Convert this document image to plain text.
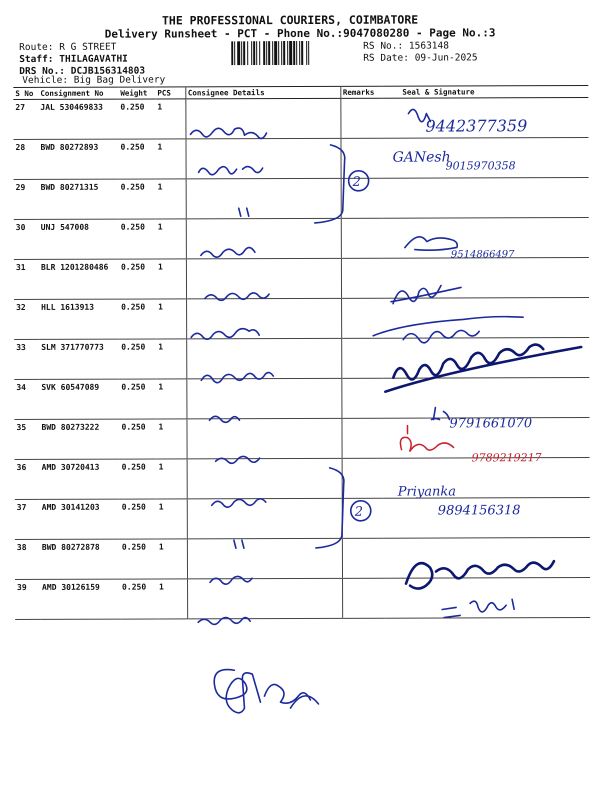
THE PROFESSIONAL COURIERS, COIMBATORE
Delivery Runsheet - PCT - Phone No.:9047080280 - Page No.:3
Route: R G STREET
Staff: THILAGAVATHI
DRS No.: DCJB156314803
Vehicle: Big Bag Delivery
RS No.: 1563148
RS Date: 09-Jun-2025
S No	Consignment No	Weight	PCS	Consignee Details	Remarks	Seal & Signature
27	JAL 530469833	0.250	1			
28	BWD 80272893	0.250	1			
29	BWD 80271315	0.250	1			
30	UNJ 547008	0.250	1			
31	BLR 1201280486	0.250	1			
32	HLL 1613913	0.250	1			
33	SLM 371770773	0.250	1			
34	SVK 60547089	0.250	1			
35	BWD 80273222	0.250	1			
36	AMD 30720413	0.250	1			
37	AMD 30141203	0.250	1			
38	BWD 80272878	0.250	1			
39	AMD 30126159	0.250	1			
2
2
9442377359
GANesh
9015970358
9514866497
9791661070
9789219217
Priyanka
9894156318
